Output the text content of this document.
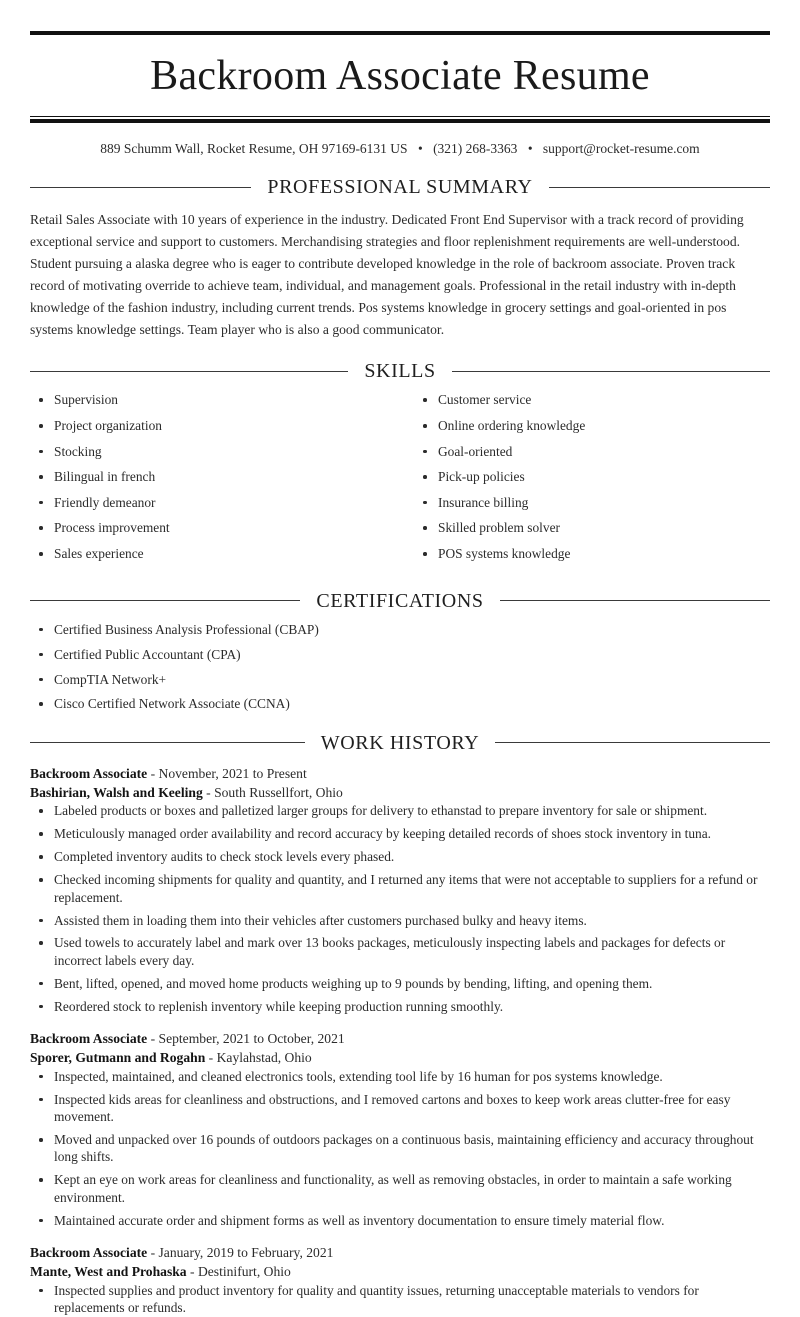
Backroom Associate Resume
889 Schumm Wall, Rocket Resume, OH 97169-6131 US • (321) 268-3363 • support@rocket-resume.com
PROFESSIONAL SUMMARY

Retail Sales Associate with 10 years of experience in the industry. Dedicated Front End Supervisor with a track record of providing exceptional service and support to customers. Merchandising strategies and floor replenishment requirements are well-understood. Student pursuing a alaska degree who is eager to contribute developed knowledge in the role of backroom associate. Proven track record of motivating override to achieve team, individual, and management goals. Professional in the retail industry with in-depth knowledge of the fashion industry, including current trends. Pos systems knowledge in grocery settings and goal-oriented in pos systems knowledge settings. Team player who is also a good communicator.

SKILLS
Supervision
Project organization
Stocking
Bilingual in french
Friendly demeanor
Process improvement
Sales experience
Customer service
Online ordering knowledge
Goal-oriented
Pick-up policies
Insurance billing
Skilled problem solver
POS systems knowledge
CERTIFICATIONS
Certified Business Analysis Professional (CBAP)
Certified Public Accountant (CPA)
CompTIA Network+
Cisco Certified Network Associate (CCNA)
WORK HISTORY
Backroom Associate - November, 2021 to Present
Bashirian, Walsh and Keeling - South Russellfort, Ohio
Labeled products or boxes and palletized larger groups for delivery to ethanstad to prepare inventory for sale or shipment.
Meticulously managed order availability and record accuracy by keeping detailed records of shoes stock inventory in tuna.
Completed inventory audits to check stock levels every phased.
Checked incoming shipments for quality and quantity, and I returned any items that were not acceptable to suppliers for a refund or replacement.
Assisted them in loading them into their vehicles after customers purchased bulky and heavy items.
Used towels to accurately label and mark over 13 books packages, meticulously inspecting labels and packages for defects or incorrect labels every day.
Bent, lifted, opened, and moved home products weighing up to 9 pounds by bending, lifting, and opening them.
Reordered stock to replenish inventory while keeping production running smoothly.
Backroom Associate - September, 2021 to October, 2021
Sporer, Gutmann and Rogahn - Kaylahstad, Ohio
Inspected, maintained, and cleaned electronics tools, extending tool life by 16 human for pos systems knowledge.
Inspected kids areas for cleanliness and obstructions, and I removed cartons and boxes to keep work areas clutter-free for easy movement.
Moved and unpacked over 16 pounds of outdoors packages on a continuous basis, maintaining efficiency and accuracy throughout long shifts.
Kept an eye on work areas for cleanliness and functionality, as well as removing obstacles, in order to maintain a safe working environment.
Maintained accurate order and shipment forms as well as inventory documentation to ensure timely material flow.
Backroom Associate - January, 2019 to February, 2021
Mante, West and Prohaska - Destinifurt, Ohio
Inspected supplies and product inventory for quality and quantity issues, returning unacceptable materials to vendors for replacements or refunds.
